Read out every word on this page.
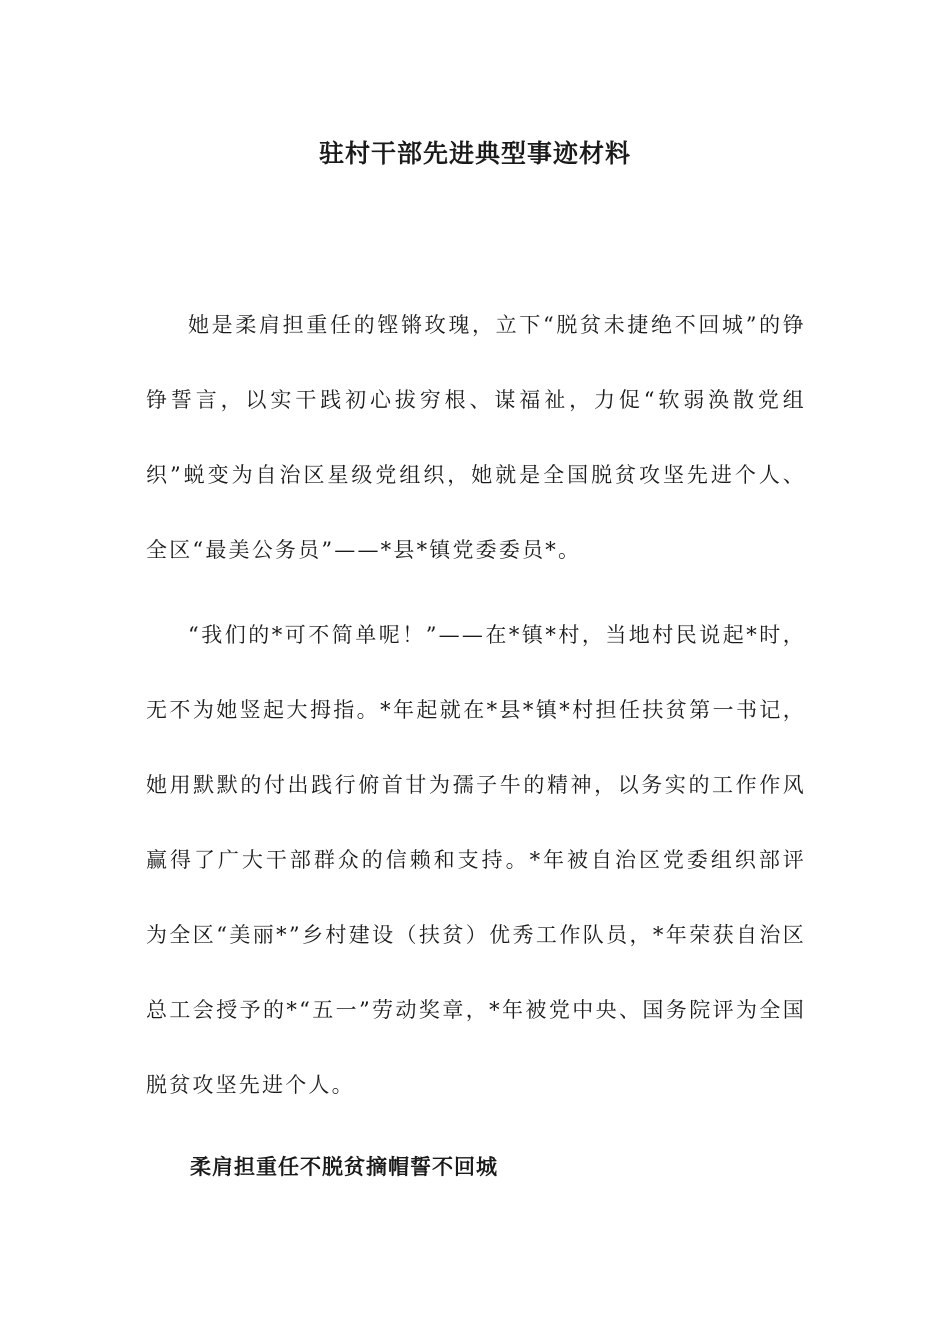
驻村干部先进典型事迹材料

她是柔肩担重任的铿锵玫瑰，立下“脱贫未捷绝不回城”的铮铮誓言，以实干践初心拔穷根、谋福祉，力促“软弱涣散党组织”蜕变为自治区星级党组织，她就是全国脱贫攻坚先进个人、全区“最美公务员”——*县*镇党委委员*。

“我们的*可不简单呢！”——在*镇*村，当地村民说起*时，无不为她竖起大拇指。*年起就在*县*镇*村担任扶贫第一书记，她用默默的付出践行俯首甘为孺子牛的精神，以务实的工作作风赢得了广大干部群众的信赖和支持。*年被自治区党委组织部评为全区“美丽*”乡村建设（扶贫）优秀工作队员，*年荣获自治区总工会授予的*“五一”劳动奖章，*年被党中央、国务院评为全国脱贫攻坚先进个人。

柔肩担重任不脱贫摘帽誓不回城
